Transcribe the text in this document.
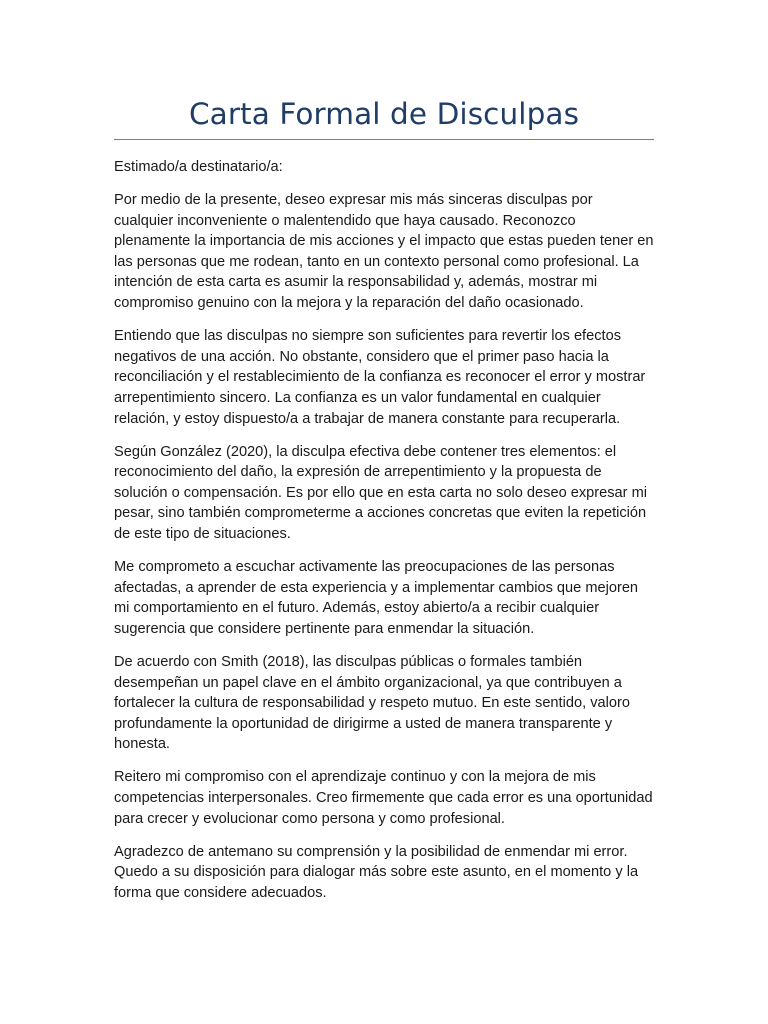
Carta Formal de Disculpas

Estimado/a destinatario/a:

Por medio de la presente, deseo expresar mis más sinceras disculpas por cualquier inconveniente o malentendido que haya causado. Reconozco plenamente la importancia de mis acciones y el impacto que estas pueden tener en las personas que me rodean, tanto en un contexto personal como profesional. La intención de esta carta es asumir la responsabilidad y, además, mostrar mi compromiso genuino con la mejora y la reparación del daño ocasionado.

Entiendo que las disculpas no siempre son suficientes para revertir los efectos negativos de una acción. No obstante, considero que el primer paso hacia la reconciliación y el restablecimiento de la confianza es reconocer el error y mostrar arrepentimiento sincero. La confianza es un valor fundamental en cualquier relación, y estoy dispuesto/a a trabajar de manera constante para recuperarla.

Según González (2020), la disculpa efectiva debe contener tres elementos: el reconocimiento del daño, la expresión de arrepentimiento y la propuesta de solución o compensación. Es por ello que en esta carta no solo deseo expresar mi pesar, sino también comprometerme a acciones concretas que eviten la repetición de este tipo de situaciones.

Me comprometo a escuchar activamente las preocupaciones de las personas afectadas, a aprender de esta experiencia y a implementar cambios que mejoren mi comportamiento en el futuro. Además, estoy abierto/a a recibir cualquier sugerencia que considere pertinente para enmendar la situación.

De acuerdo con Smith (2018), las disculpas públicas o formales también desempeñan un papel clave en el ámbito organizacional, ya que contribuyen a fortalecer la cultura de responsabilidad y respeto mutuo. En este sentido, valoro profundamente la oportunidad de dirigirme a usted de manera transparente y honesta.

Reitero mi compromiso con el aprendizaje continuo y con la mejora de mis competencias interpersonales. Creo firmemente que cada error es una oportunidad para crecer y evolucionar como persona y como profesional.

Agradezco de antemano su comprensión y la posibilidad de enmendar mi error. Quedo a su disposición para dialogar más sobre este asunto, en el momento y la forma que considere adecuados.
